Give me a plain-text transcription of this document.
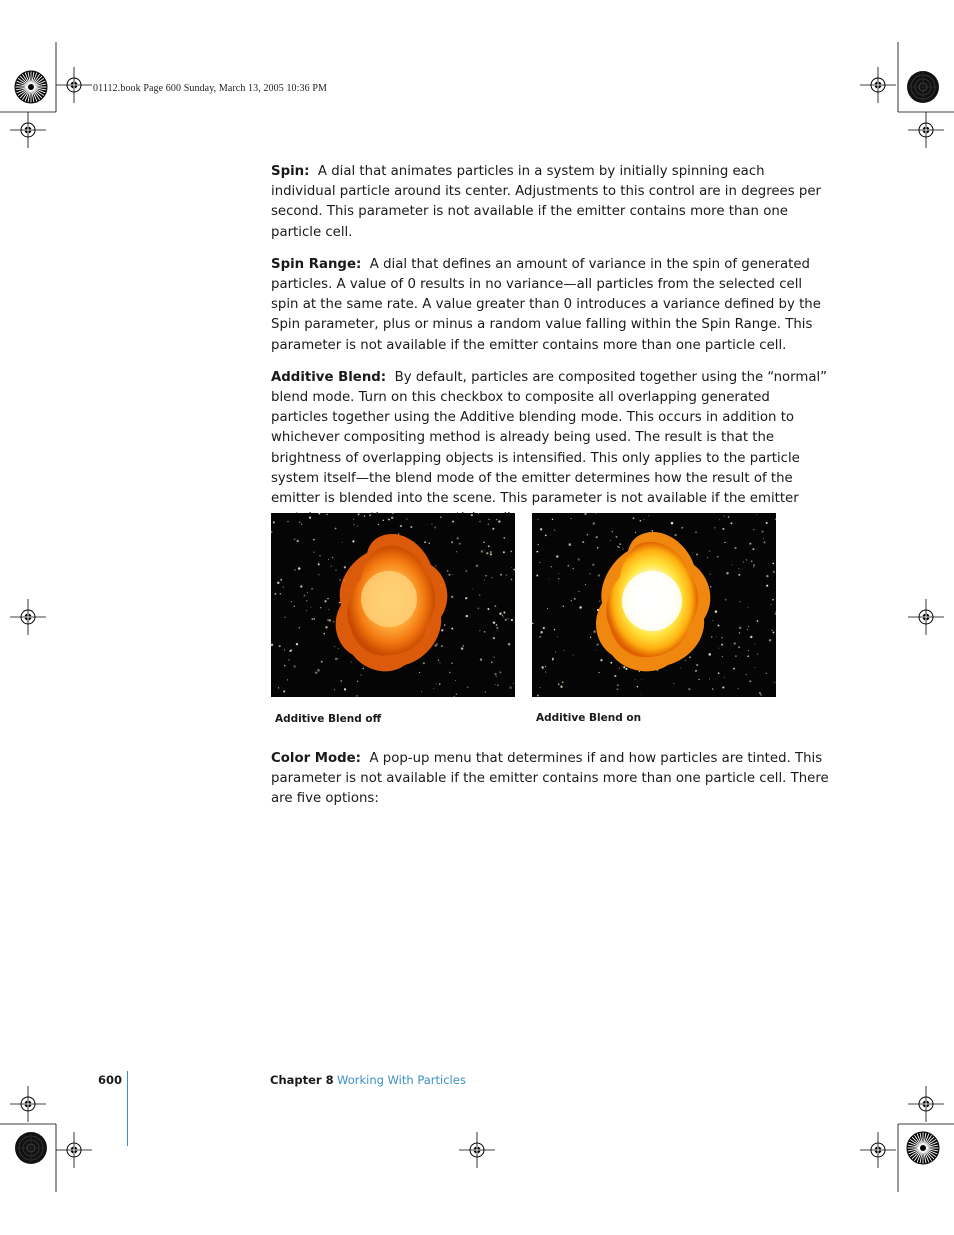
01112.book Page 600 Sunday, March 13, 2005 10:36 PM

Spin: A dial that animates particles in a system by initially spinning each individual particle around its center. Adjustments to this control are in degrees per second. This parameter is not available if the emitter contains more than one particle cell.

Spin Range: A dial that defines an amount of variance in the spin of generated particles. A value of 0 results in no variance—all particles from the selected cell spin at the same rate. A value greater than 0 introduces a variance defined by the Spin parameter, plus or minus a random value falling within the Spin Range. This parameter is not available if the emitter contains more than one particle cell.

Additive Blend: By default, particles are composited together using the “normal” blend mode. Turn on this checkbox to composite all overlapping generated particles together using the Additive blending mode. This occurs in addition to whichever compositing method is already being used. The result is that the brightness of overlapping objects is intensified. This only applies to the particle system itself—the blend mode of the emitter determines how the result of the emitter is blended into the scene. This parameter is not available if the emitter

Additive Blend off	Additive Blend on

Color Mode: A pop-up menu that determines if and how particles are tinted. This parameter is not available if the emitter contains more than one particle cell. There are five options:

600	Chapter 8 Working With Particles
